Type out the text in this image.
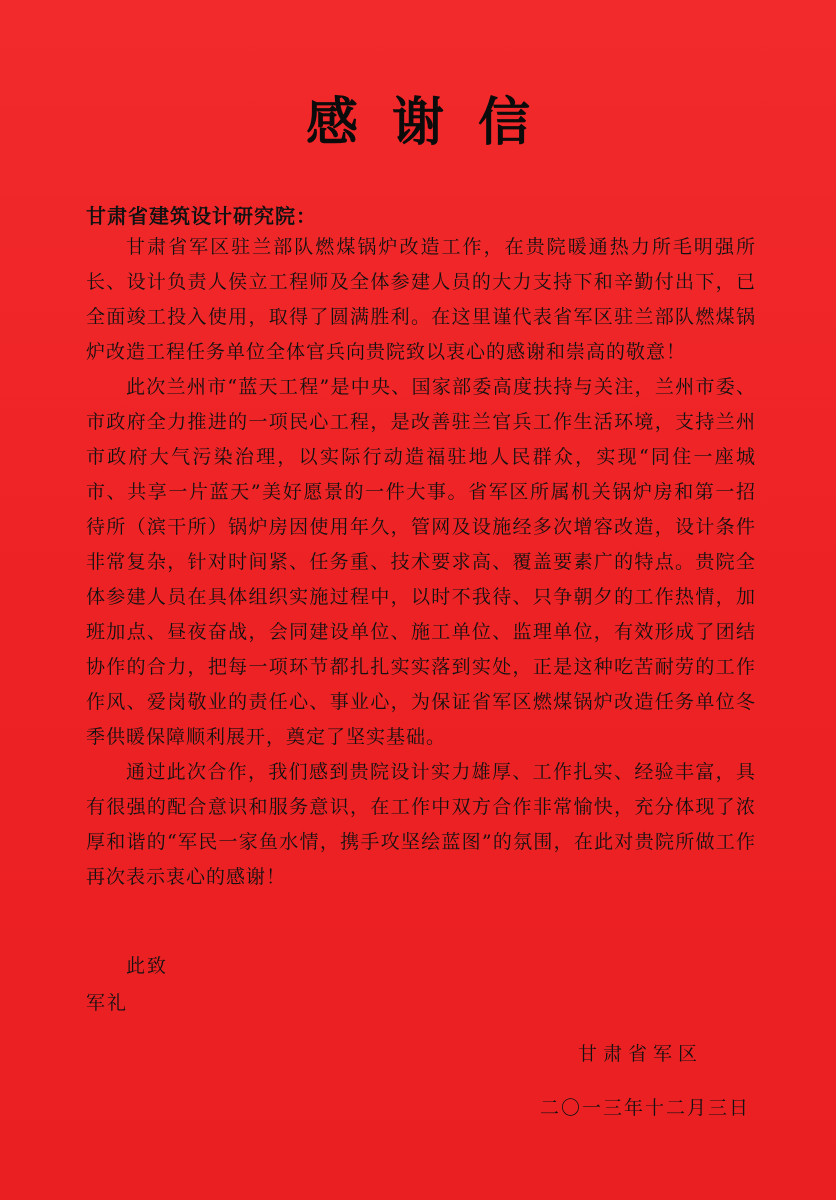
感谢信
甘肃省建筑设计研究院：

甘肃省军区驻兰部队燃煤锅炉改造工作，在贵院暖通热力所毛明强所长、设计负责人侯立工程师及全体参建人员的大力支持下和辛勤付出下，已全面竣工投入使用，取得了圆满胜利。在这里谨代表省军区驻兰部队燃煤锅炉改造工程任务单位全体官兵向贵院致以衷心的感谢和崇高的敬意！

此次兰州市“蓝天工程”是中央、国家部委高度扶持与关注，兰州市委、市政府全力推进的一项民心工程，是改善驻兰官兵工作生活环境，支持兰州市政府大气污染治理，以实际行动造福驻地人民群众，实现“同住一座城市、共享一片蓝天”美好愿景的一件大事。省军区所属机关锅炉房和第一招待所（滨干所）锅炉房因使用年久，管网及设施经多次增容改造，设计条件非常复杂，针对时间紧、任务重、技术要求高、覆盖要素广的特点。贵院全体参建人员在具体组织实施过程中，以时不我待、只争朝夕的工作热情，加班加点、昼夜奋战，会同建设单位、施工单位、监理单位，有效形成了团结协作的合力，把每一项环节都扎扎实实落到实处，正是这种吃苦耐劳的工作作风、爱岗敬业的责任心、事业心，为保证省军区燃煤锅炉改造任务单位冬季供暖保障顺利展开，奠定了坚实基础。

通过此次合作，我们感到贵院设计实力雄厚、工作扎实、经验丰富，具有很强的配合意识和服务意识，在工作中双方合作非常愉快，充分体现了浓厚和谐的“军民一家鱼水情，携手攻坚绘蓝图”的氛围，在此对贵院所做工作再次表示衷心的感谢！

此致
军礼
甘肃省军区
二〇一三年十二月三日
